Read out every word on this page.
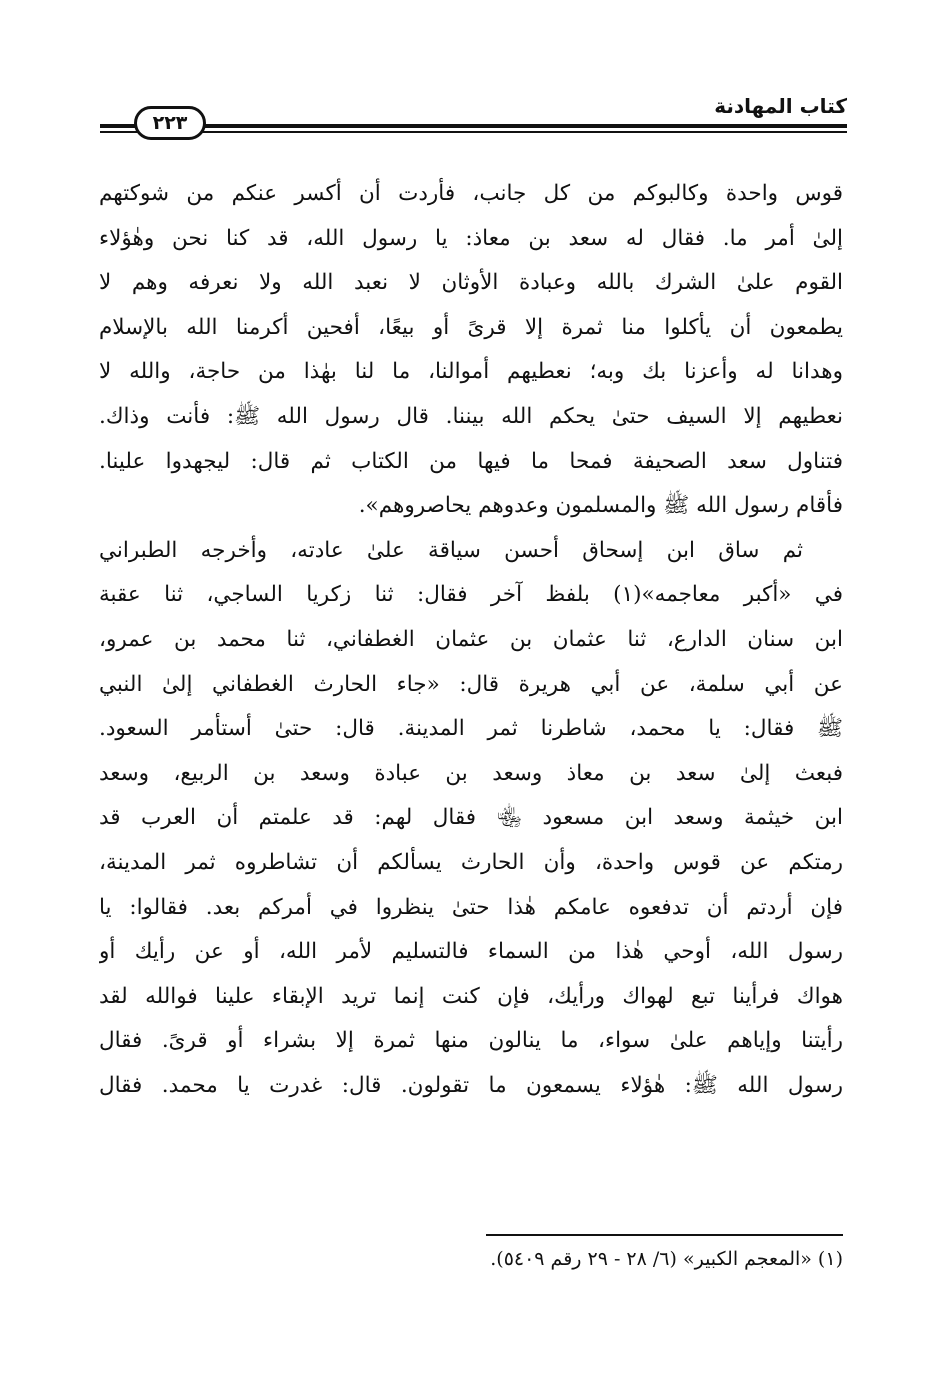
كتاب المهادنة
٢٢٣
قوس واحدة وكالبوكم من كل جانب، فأردت أن أكسر عنكم من شوكتهم
إلىٰ أمر ما. فقال له سعد بن معاذ: يا رسول الله، قد كنا نحن وهٰؤلاء
القوم علىٰ الشرك بالله وعبادة الأوثان لا نعبد الله ولا نعرفه وهم لا
يطمعون أن يأكلوا منا ثمرة إلا قرىً أو بيعًا، أفحين أكرمنا الله بالإسلام
وهدانا له وأعزنا بك وبه؛ نعطيهم أموالنا، ما لنا بهٰذا من حاجة، والله لا
نعطيهم إلا السيف حتىٰ يحكم الله بيننا. قال رسول الله ﷺ: فأنت وذاك.
فتناول سعد الصحيفة فمحا ما فيها من الكتاب ثم قال: ليجهدوا علينا.
فأقام رسول الله ﷺ والمسلمون وعدوهم يحاصروهم».
ثم ساق ابن إسحاق أحسن سياقة علىٰ عادته، وأخرجه الطبراني
في «أكبر معاجمه»(١) بلفظ آخر فقال: ثنا زكريا الساجي، ثنا عقبة
ابن سنان الدارع، ثنا عثمان بن عثمان الغطفاني، ثنا محمد بن عمرو،
عن أبي سلمة، عن أبي هريرة قال: «جاء الحارث الغطفاني إلىٰ النبي
ﷺ فقال: يا محمد، شاطرنا ثمر المدينة. قال: حتىٰ أستأمر السعود.
فبعث إلىٰ سعد بن معاذ وسعد بن عبادة وسعد بن الربيع، وسعد
ابن خيثمة وسعد ابن مسعود ﵄ فقال لهم: قد علمتم أن العرب قد
رمتكم عن قوس واحدة، وأن الحارث يسألكم أن تشاطروه ثمر المدينة،
فإن أردتم أن تدفعوه عامكم هٰذا حتىٰ ينظروا في أمركم بعد. فقالوا: يا
رسول الله، أوحي هٰذا من السماء فالتسليم لأمر الله، أو عن رأيك أو
هواك فرأينا تبع لهواك ورأيك، فإن كنت إنما تريد الإبقاء علينا فوالله لقد
رأيتنا وإياهم علىٰ سواء، ما ينالون منها ثمرة إلا بشراء أو قرىً. فقال
رسول الله ﷺ: هٰؤلاء يسمعون ما تقولون. قال: غدرت يا محمد. فقال
(١) «المعجم الكبير» (٦/ ٢٨ - ٢٩ رقم ٥٤٠٩).
